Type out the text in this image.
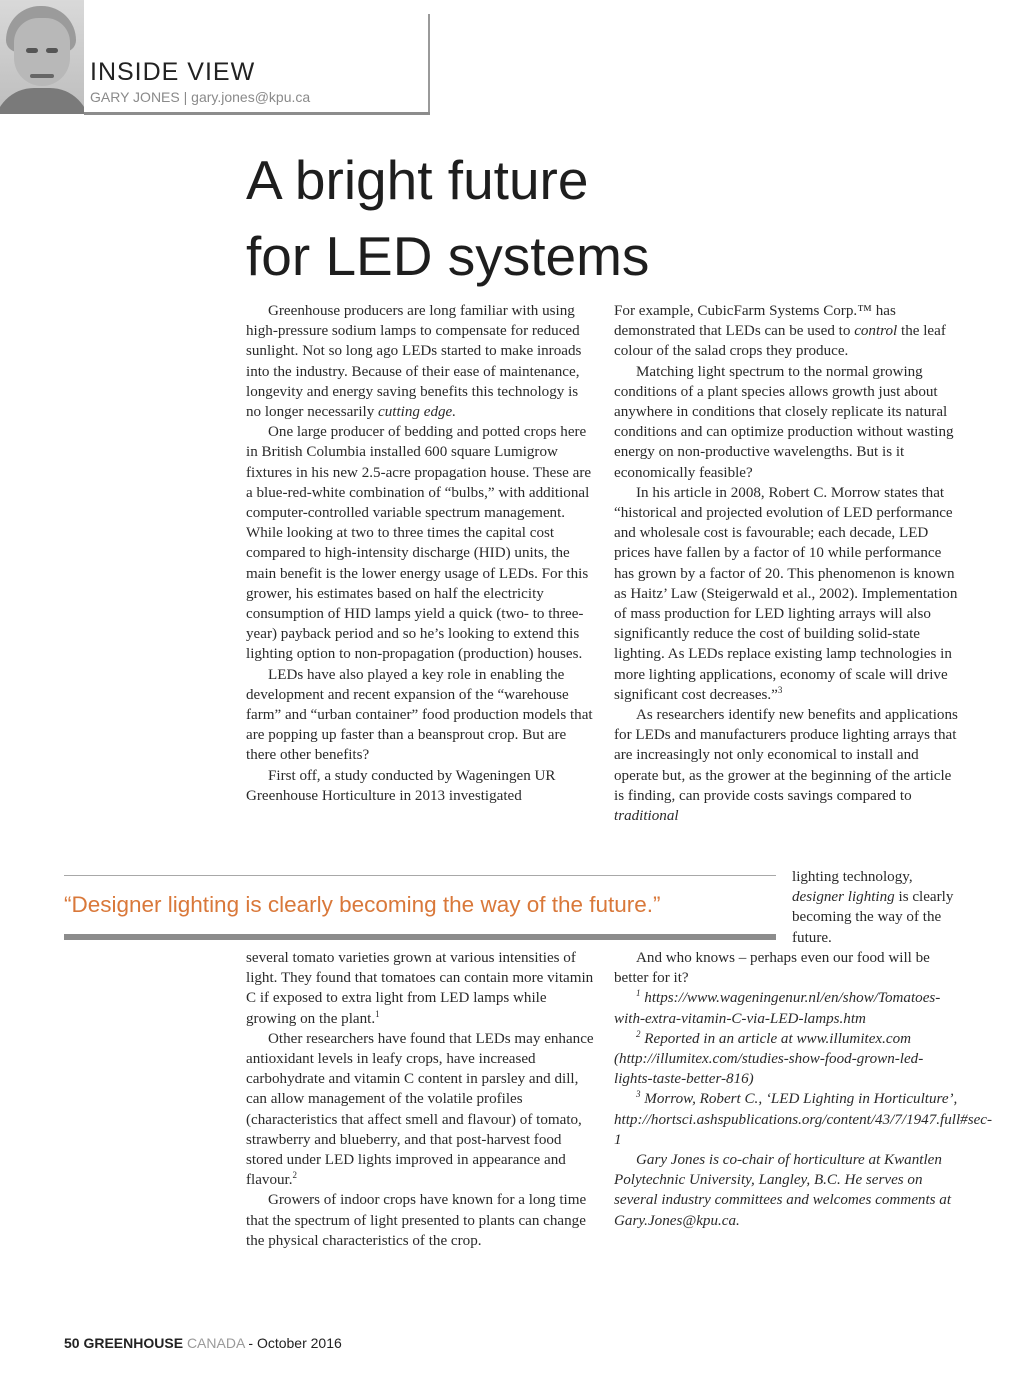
INSIDE VIEW
GARY JONES | gary.jones@kpu.ca
A bright future
for LED systems

Greenhouse producers are long familiar with using high-pressure sodium lamps to compensate for reduced sunlight. Not so long ago LEDs started to make inroads into the industry. Because of their ease of maintenance, longevity and energy saving benefits this technology is no longer necessarily cutting edge.

One large producer of bedding and potted crops here in British Columbia installed 600 square Lumigrow fixtures in his new 2.5-acre propagation house. These are a blue-red-white combination of “bulbs,” with additional computer-controlled variable spectrum management. While looking at two to three times the capital cost compared to high-intensity discharge (HID) units, the main benefit is the lower energy usage of LEDs. For this grower, his estimates based on half the electricity consumption of HID lamps yield a quick (two- to three-year) payback period and so he’s looking to extend this lighting option to non-propagation (production) houses.

LEDs have also played a key role in enabling the development and recent expansion of the “warehouse farm” and “urban container” food production models that are popping up faster than a beansprout crop. But are there other benefits?

First off, a study conducted by Wageningen UR Greenhouse Horticulture in 2013 investigated

For example, CubicFarm Systems Corp.™ has demonstrated that LEDs can be used to control the leaf colour of the salad crops they produce.

Matching light spectrum to the normal growing conditions of a plant species allows growth just about anywhere in conditions that closely replicate its natural conditions and can optimize production without wasting energy on non-productive wavelengths. But is it economically feasible?

In his article in 2008, Robert C. Morrow states that “historical and projected evolution of LED performance and wholesale cost is favourable; each decade, LED prices have fallen by a factor of 10 while performance has grown by a factor of 20. This phenomenon is known as Haitz’ Law (Steigerwald et al., 2002). Implementation of mass production for LED lighting arrays will also significantly reduce the cost of building solid-state lighting. As LEDs replace existing lamp technologies in more lighting applications, economy of scale will drive significant cost decreases.”$^3$

As researchers identify new benefits and applications for LEDs and manufacturers produce lighting arrays that are increasingly not only economical to install and operate but, as the grower at the beginning of the article is finding, can provide costs savings compared to traditional

lighting technology, designer lighting is clearly becoming the way of the future.

“Designer lighting is clearly becoming the way of the future.”

several tomato varieties grown at various intensities of light. They found that tomatoes can contain more vitamin C if exposed to extra light from LED lamps while growing on the plant.$^1$

Other researchers have found that LEDs may enhance antioxidant levels in leafy crops, have increased carbohydrate and vitamin C content in parsley and dill, can allow management of the volatile profiles (characteristics that affect smell and flavour) of tomato, strawberry and blueberry, and that post-harvest food stored under LED lights improved in appearance and flavour.$^2$

Growers of indoor crops have known for a long time that the spectrum of light presented to plants can change the physical characteristics of the crop.

And who knows – perhaps even our food will be better for it?

$^1$ https://www.wageningenur.nl/en/show/Tomatoes-with-extra-vitamin-C-via-LED-lamps.htm

$^2$ Reported in an article at www.illumitex.com (http://illumitex.com/studies-show-food-grown-led-lights-taste-better-816)

$^3$ Morrow, Robert C., ‘LED Lighting in Horticulture’, http://hortsci.ashspublications.org/content/43/7/1947.full#sec-1

Gary Jones is co-chair of horticulture at Kwantlen Polytechnic University, Langley, B.C. He serves on several industry committees and welcomes comments at Gary.Jones@kpu.ca.

50 GREENHOUSE CANADA - October 2016
